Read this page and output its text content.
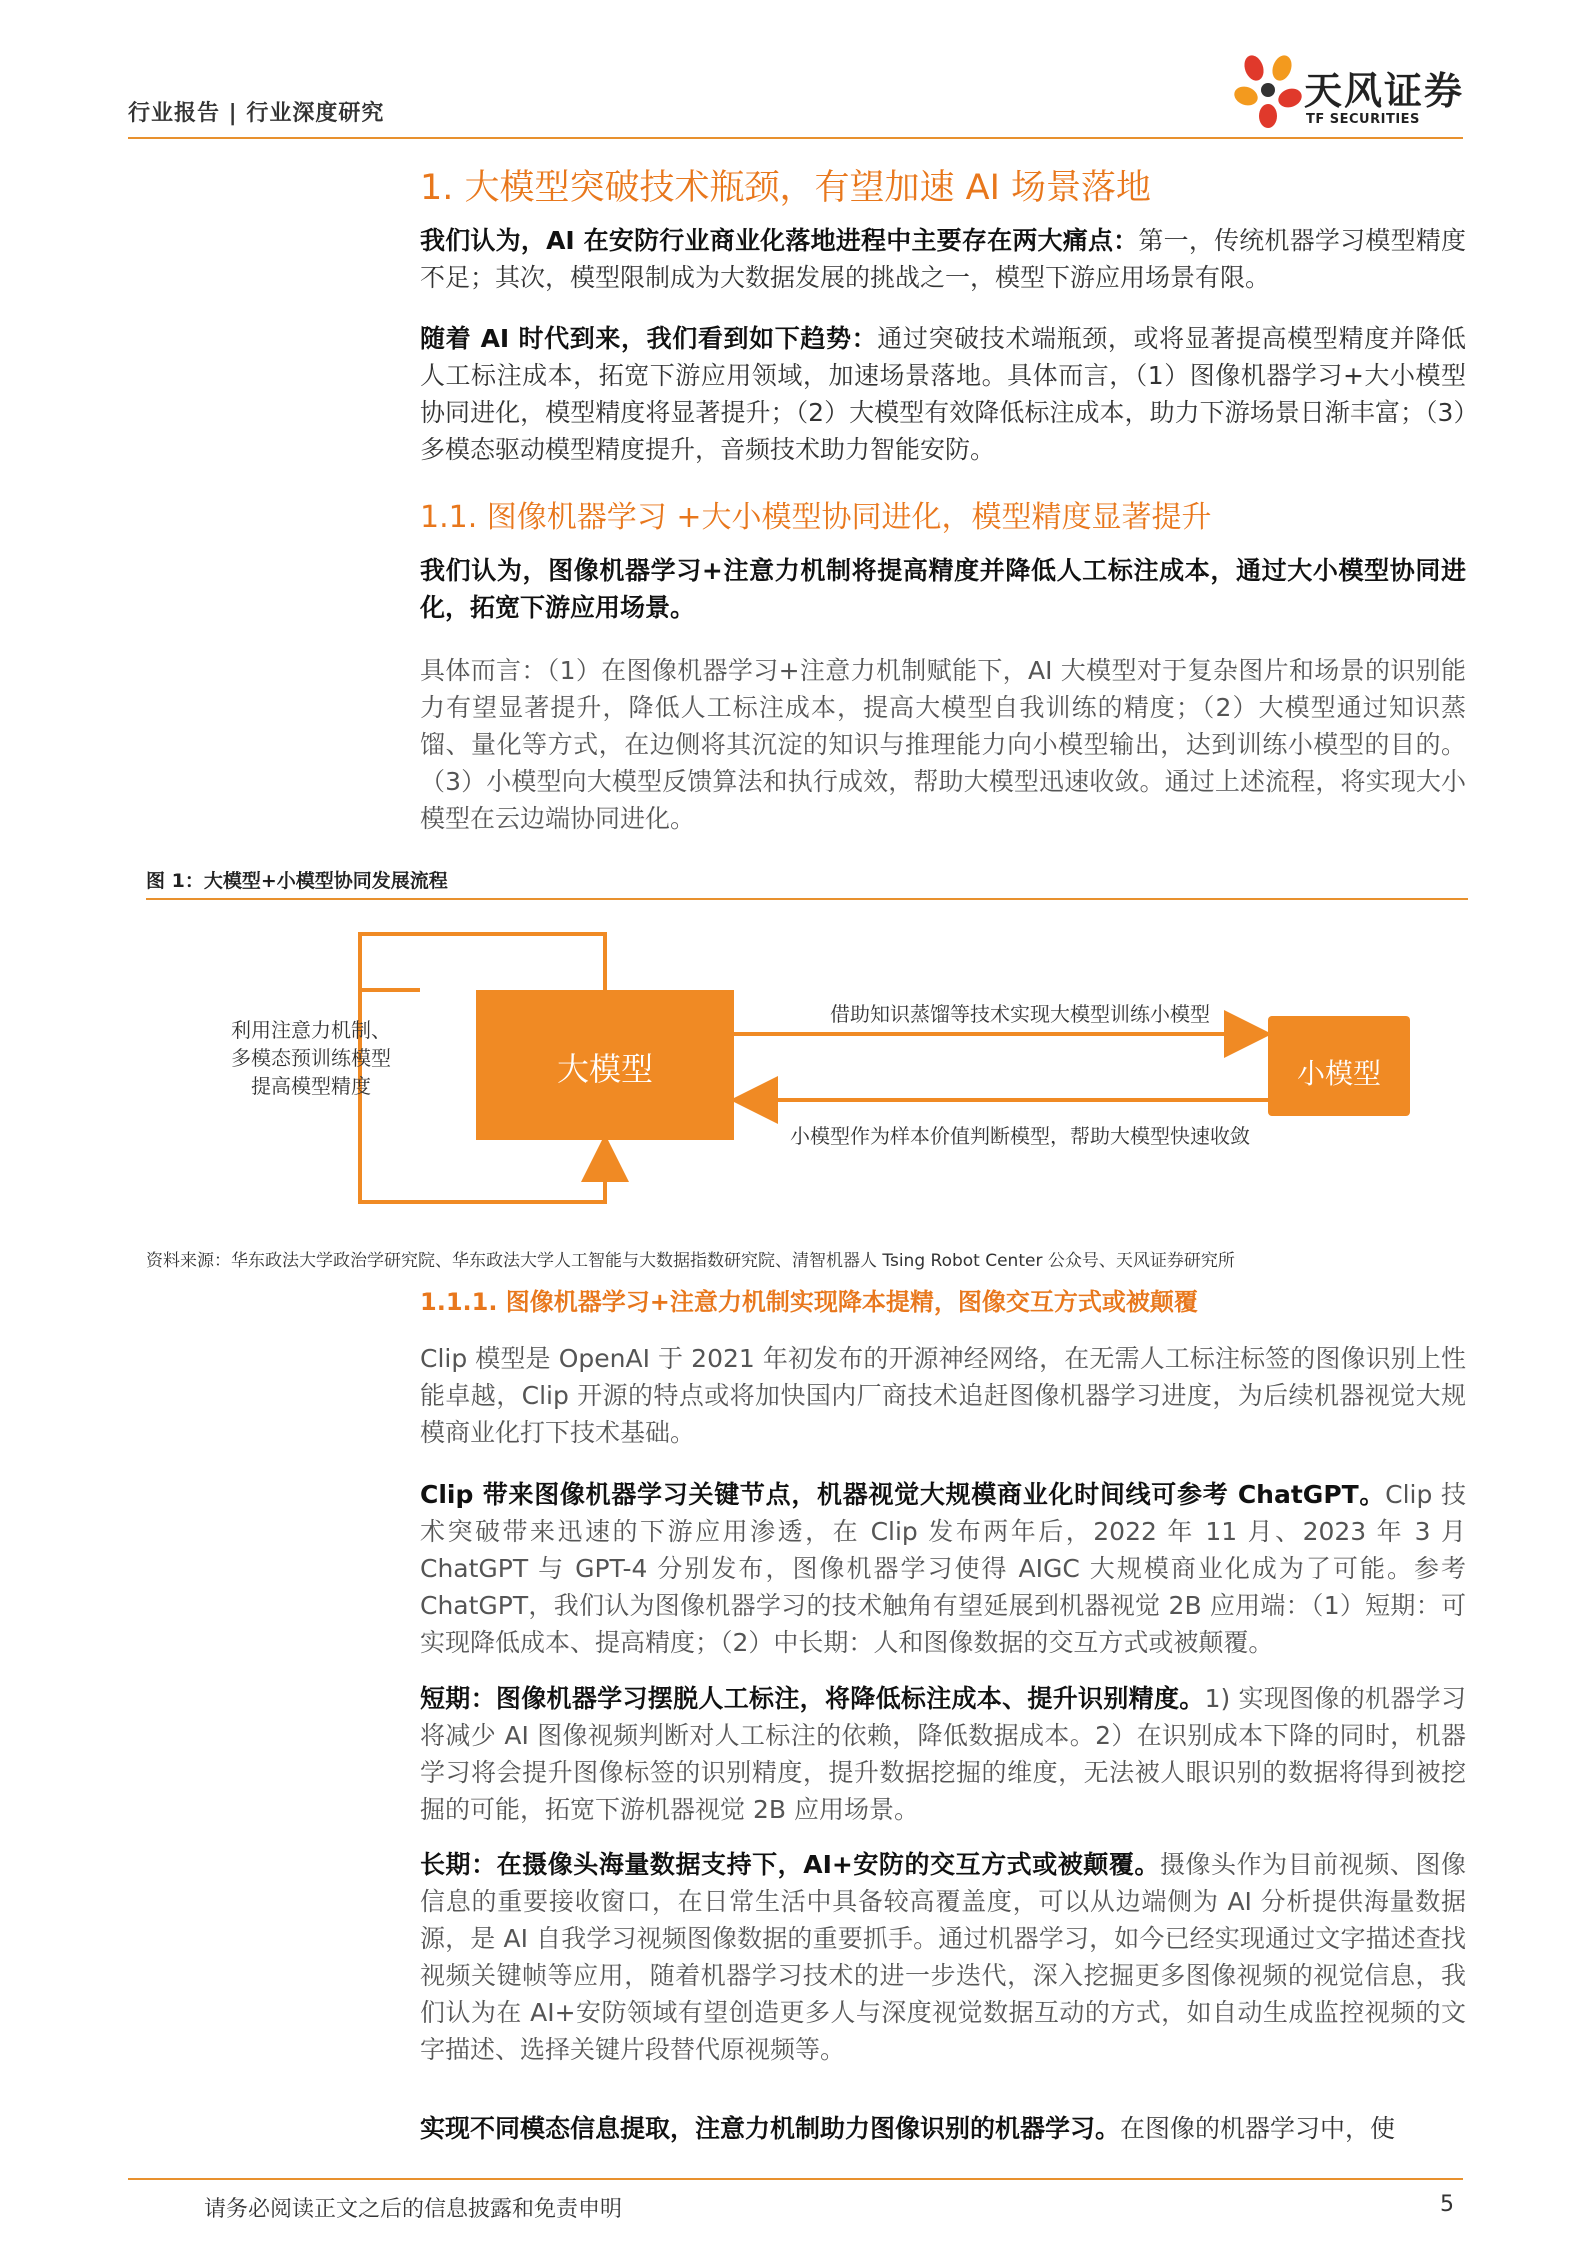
行业报告 | 行业深度研究
天风证券
TF SECURITIES
1. 大模型突破技术瓶颈，有望加速 AI 场景落地
我们认为，AI 在安防行业商业化落地进程中主要存在两大痛点：第一，传统机器学习模型精度不足；其次，模型限制成为大数据发展的挑战之一，模型下游应用场景有限。
随着 AI 时代到来，我们看到如下趋势：通过突破技术端瓶颈，或将显著提高模型精度并降低人工标注成本，拓宽下游应用领域，加速场景落地。具体而言，（1）图像机器学习+大小模型协同进化，模型精度将显著提升；（2）大模型有效降低标注成本，助力下游场景日渐丰富；（3）多模态驱动模型精度提升，音频技术助力智能安防。
1.1. 图像机器学习 +大小模型协同进化，模型精度显著提升
我们认为，图像机器学习+注意力机制将提高精度并降低人工标注成本，通过大小模型协同进化，拓宽下游应用场景。
具体而言：（1）在图像机器学习+注意力机制赋能下，AI 大模型对于复杂图片和场景的识别能力有望显著提升，降低人工标注成本，提高大模型自我训练的精度；（2）大模型通过知识蒸馏、量化等方式，在边侧将其沉淀的知识与推理能力向小模型输出，达到训练小模型的目的。（3）小模型向大模型反馈算法和执行成效，帮助大模型迅速收敛。通过上述流程，将实现大小模型在云边端协同进化。
图 1：大模型+小模型协同发展流程
利用注意力机制、
多模态预训练模型
提高模型精度	大模型	小模型
借助知识蒸馏等技术实现大模型训练小模型
小模型作为样本价值判断模型，帮助大模型快速收敛
资料来源：华东政法大学政治学研究院、华东政法大学人工智能与大数据指数研究院、清智机器人 Tsing Robot Center 公众号、天风证券研究所
1.1.1. 图像机器学习+注意力机制实现降本提精，图像交互方式或被颠覆
Clip 模型是 OpenAI 于 2021 年初发布的开源神经网络，在无需人工标注标签的图像识别上性能卓越，Clip 开源的特点或将加快国内厂商技术追赶图像机器学习进度，为后续机器视觉大规模商业化打下技术基础。
Clip 带来图像机器学习关键节点，机器视觉大规模商业化时间线可参考 ChatGPT。Clip 技术突破带来迅速的下游应用渗透，在 Clip 发布两年后，2022 年 11 月、2023 年 3 月 ChatGPT 与 GPT-4 分别发布，图像机器学习使得 AIGC 大规模商业化成为了可能。参考 ChatGPT，我们认为图像机器学习的技术触角有望延展到机器视觉 2B 应用端：（1）短期：可实现降低成本、提高精度；（2）中长期：人和图像数据的交互方式或被颠覆。
短期：图像机器学习摆脱人工标注，将降低标注成本、提升识别精度。1) 实现图像的机器学习将减少 AI 图像视频判断对人工标注的依赖，降低数据成本。2）在识别成本下降的同时，机器学习将会提升图像标签的识别精度，提升数据挖掘的维度，无法被人眼识别的数据将得到被挖掘的可能，拓宽下游机器视觉 2B 应用场景。
长期：在摄像头海量数据支持下，AI+安防的交互方式或被颠覆。摄像头作为目前视频、图像信息的重要接收窗口，在日常生活中具备较高覆盖度，可以从边端侧为 AI 分析提供海量数据源，是 AI 自我学习视频图像数据的重要抓手。通过机器学习，如今已经实现通过文字描述查找视频关键帧等应用，随着机器学习技术的进一步迭代，深入挖掘更多图像视频的视觉信息，我们认为在 AI+安防领域有望创造更多人与深度视觉数据互动的方式，如自动生成监控视频的文字描述、选择关键片段替代原视频等。
实现不同模态信息提取，注意力机制助力图像识别的机器学习。在图像的机器学习中，使
请务必阅读正文之后的信息披露和免责申明	5
